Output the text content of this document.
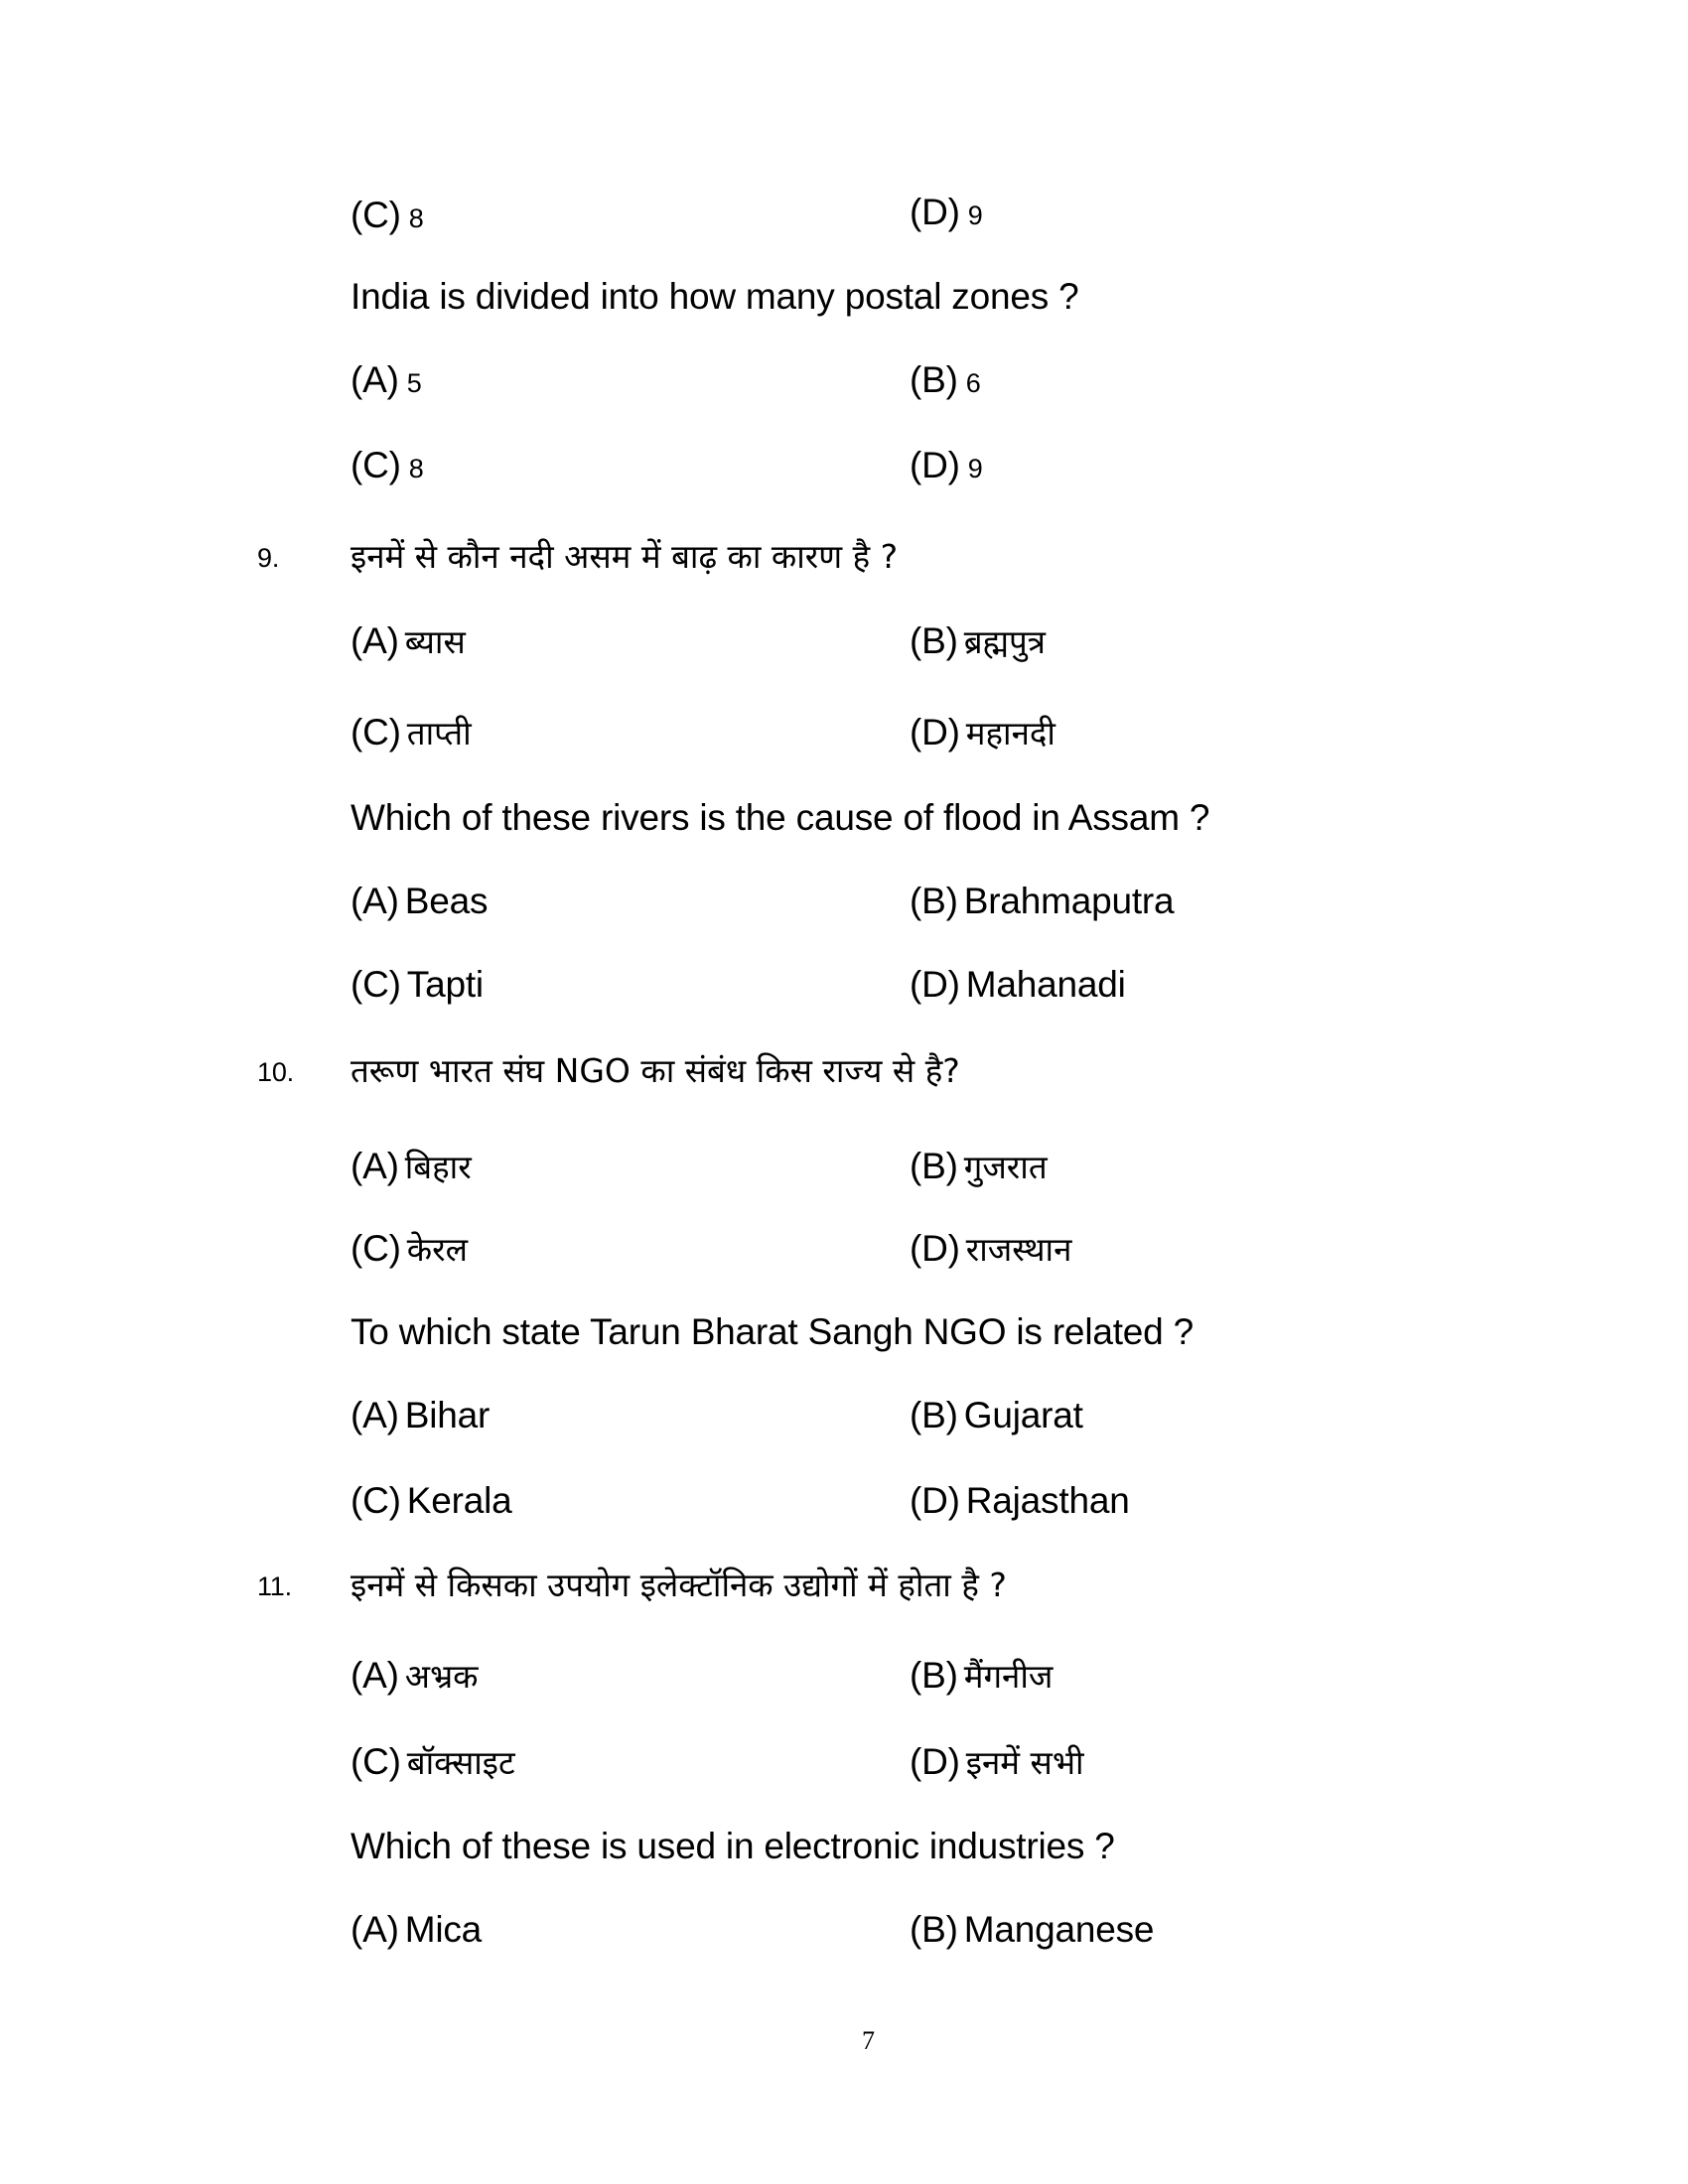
(C) 8	(D) 9
India is divided into how many postal zones ?
(A) 5	(B) 6
(C) 8	(D) 9
9. इनमें से कौन नदी असम में बाढ़ का कारण है ?
(A) ब्यास	(B) ब्रह्मपुत्र
(C) ताप्ती	(D) महानदी
Which of these rivers is the cause of flood in Assam ?
(A) Beas	(B) Brahmaputra
(C) Tapti	(D) Mahanadi
10. तरूण भारत संघ NGO का संबंध किस राज्य से है?
(A) बिहार	(B) गुजरात
(C) केरल	(D) राजस्थान
To which state Tarun Bharat Sangh NGO is related ?
(A) Bihar	(B) Gujarat
(C) Kerala	(D) Rajasthan
11. इनमें से किसका उपयोग इलेक्टॉनिक उद्योगों में होता है ?
(A) अभ्रक	(B) मैंगनीज
(C) बॉक्साइट	(D) इनमें सभी
Which of these is used in electronic industries ?
(A) Mica	(B) Manganese
7
